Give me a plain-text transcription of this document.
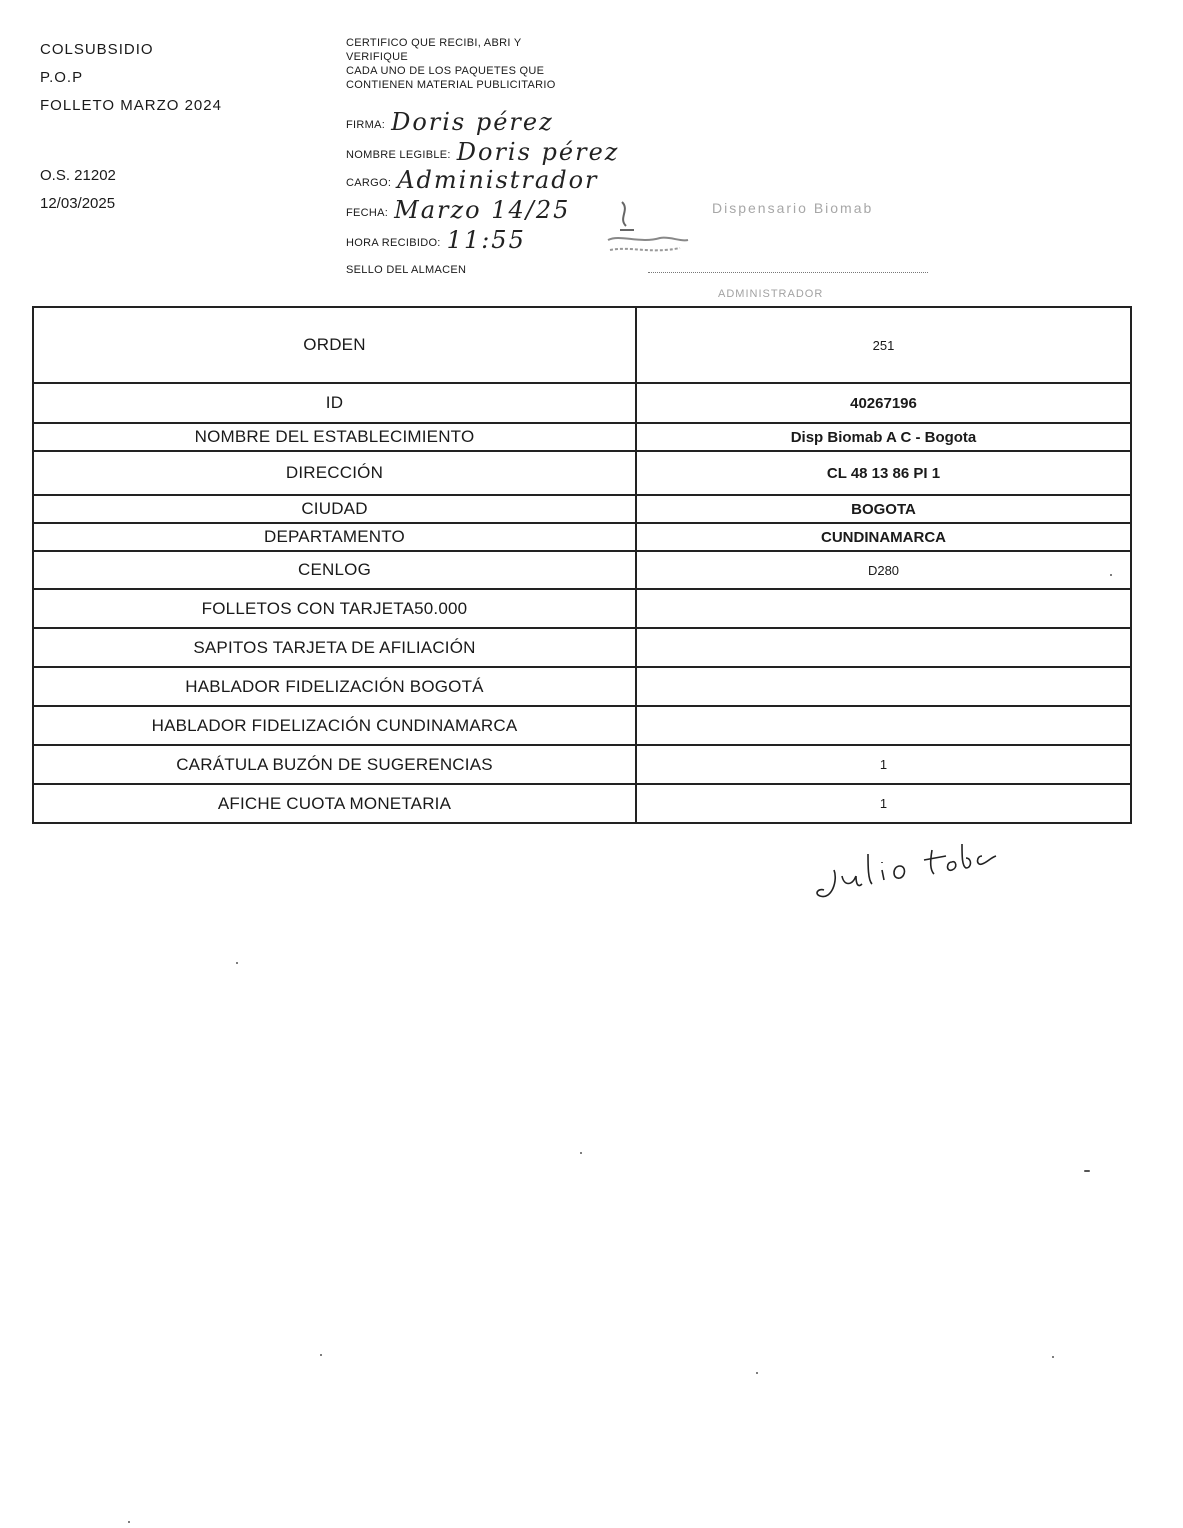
COLSUBSIDIO
P.O.P
FOLLETO MARZO 2024
O.S. 21202
12/03/2025
CERTIFICO QUE RECIBI, ABRI Y
VERIFIQUE
CADA UNO DE LOS PAQUETES QUE
CONTIENEN MATERIAL PUBLICITARIO
FIRMA: Doris pérez
NOMBRE LEGIBLE: Doris pérez
CARGO: Administrador
FECHA: Marzo 14/25
HORA RECIBIDO: 11:55
SELLO DEL ALMACEN
Dispensario Biomab
ADMINISTRADOR
ORDEN	251
ID	40267196
NOMBRE DEL ESTABLECIMIENTO	Disp Biomab A C - Bogota
DIRECCIÓN	CL 48 13 86 PI 1
CIUDAD	BOGOTA
DEPARTAMENTO	CUNDINAMARCA
CENLOG	D280
FOLLETOS CON TARJETA50.000	
SAPITOS TARJETA DE AFILIACIÓN	
HABLADOR FIDELIZACIÓN BOGOTÁ	
HABLADOR FIDELIZACIÓN CUNDINAMARCA	
CARÁTULA BUZÓN DE SUGERENCIAS	1
AFICHE CUOTA MONETARIA	1
